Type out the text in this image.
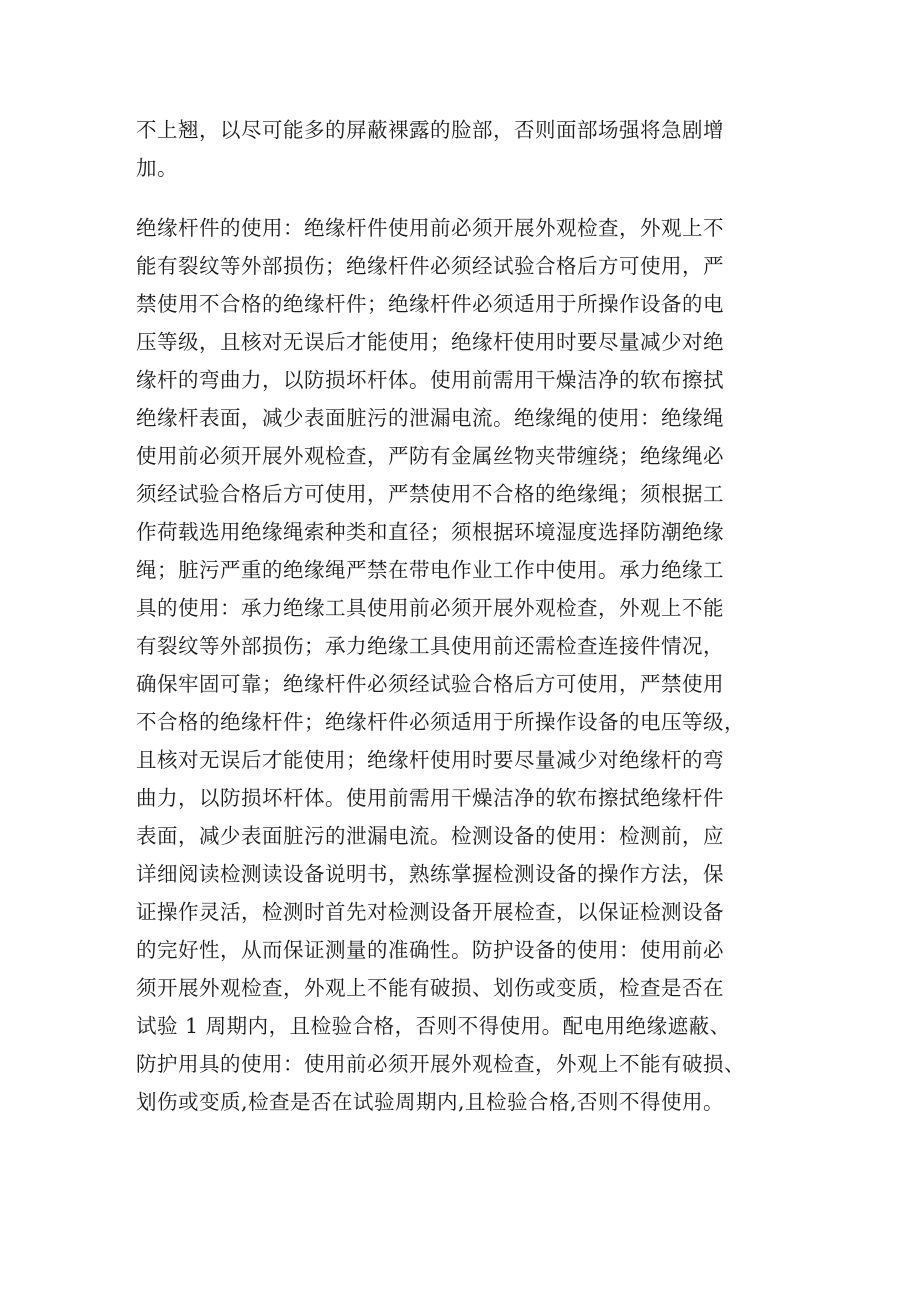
不上翘，以尽可能多的屏蔽裸露的脸部，否则面部场强将急剧增
加。
绝缘杆件的使用：绝缘杆件使用前必须开展外观检查，外观上不
能有裂纹等外部损伤；绝缘杆件必须经试验合格后方可使用，严
禁使用不合格的绝缘杆件；绝缘杆件必须适用于所操作设备的电
压等级，且核对无误后才能使用；绝缘杆使用时要尽量减少对绝
缘杆的弯曲力，以防损坏杆体。使用前需用干燥洁净的软布擦拭
绝缘杆表面，减少表面脏污的泄漏电流。绝缘绳的使用：绝缘绳
使用前必须开展外观检查，严防有金属丝物夹带缠绕；绝缘绳必
须经试验合格后方可使用，严禁使用不合格的绝缘绳；须根据工
作荷载选用绝缘绳索种类和直径；须根据环境湿度选择防潮绝缘
绳；脏污严重的绝缘绳严禁在带电作业工作中使用。承力绝缘工
具的使用：承力绝缘工具使用前必须开展外观检查，外观上不能
有裂纹等外部损伤；承力绝缘工具使用前还需检查连接件情况，
确保牢固可靠；绝缘杆件必须经试验合格后方可使用，严禁使用
不合格的绝缘杆件；绝缘杆件必须适用于所操作设备的电压等级，
且核对无误后才能使用；绝缘杆使用时要尽量减少对绝缘杆的弯
曲力，以防损坏杆体。使用前需用干燥洁净的软布擦拭绝缘杆件
表面，减少表面脏污的泄漏电流。检测设备的使用：检测前，应
详细阅读检测读设备说明书，熟练掌握检测设备的操作方法，保
证操作灵活，检测时首先对检测设备开展检查，以保证检测设备
的完好性，从而保证测量的准确性。防护设备的使用：使用前必
须开展外观检查，外观上不能有破损、划伤或变质，检查是否在
试验 1 周期内，且检验合格，否则不得使用。配电用绝缘遮蔽、
防护用具的使用：使用前必须开展外观检查，外观上不能有破损、
划伤或变质,检查是否在试验周期内,且检验合格,否则不得使用。
